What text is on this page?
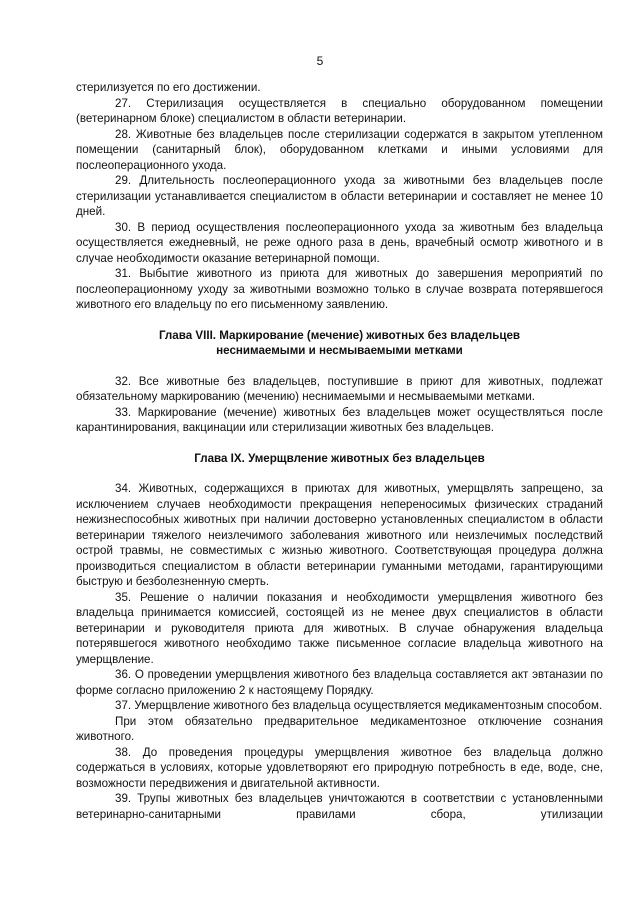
5

стерилизуется по его достижении.

27. Стерилизация осуществляется в специально оборудованном помещении (ветеринарном блоке) специалистом в области ветеринарии.

28. Животные без владельцев после стерилизации содержатся в закрытом утепленном помещении (санитарный блок), оборудованном клетками и иными условиями для послеоперационного ухода.

29. Длительность послеоперационного ухода за животными без владельцев после стерилизации устанавливается специалистом в области ветеринарии и составляет не менее 10 дней.

30. В период осуществления послеоперационного ухода за животным без владельца осуществляется ежедневный, не реже одного раза в день, врачебный осмотр животного и в случае необходимости оказание ветеринарной помощи.

31. Выбытие животного из приюта для животных до завершения мероприятий по послеоперационному уходу за животными возможно только в случае возврата потерявшегося животного его владельцу по его письменному заявлению.

Глава VIII. Маркирование (мечение) животных без владельцев
неснимаемыми и несмываемыми метками

32. Все животные без владельцев, поступившие в приют для животных, подлежат обязательному маркированию (мечению) неснимаемыми и несмываемыми метками.

33. Маркирование (мечение) животных без владельцев может осуществляться после карантинирования, вакцинации или стерилизации животных без владельцев.

Глава IX. Умерщвление животных без владельцев

34. Животных, содержащихся в приютах для животных, умерщвлять запрещено, за исключением случаев необходимости прекращения непереносимых физических страданий нежизнеспособных животных при наличии достоверно установленных специалистом в области ветеринарии тяжелого неизлечимого заболевания животного или неизлечимых последствий острой травмы, не совместимых с жизнью животного. Соответствующая процедура должна производиться специалистом в области ветеринарии гуманными методами, гарантирующими быструю и безболезненную смерть.

35. Решение о наличии показания и необходимости умерщвления животного без владельца принимается комиссией, состоящей из не менее двух специалистов в области ветеринарии и руководителя приюта для животных. В случае обнаружения владельца потерявшегося животного необходимо также письменное согласие владельца животного на умерщвление.

36. О проведении умерщвления животного без владельца составляется акт эвтаназии по форме согласно приложению 2 к настоящему Порядку.

37. Умерщвление животного без владельца осуществляется медикаментозным способом.

При этом обязательно предварительное медикаментозное отключение сознания животного.

38. До проведения процедуры умерщвления животное без владельца должно содержаться в условиях, которые удовлетворяют его природную потребность в еде, воде, сне, возможности передвижения и двигательной активности.

39. Трупы животных без владельцев уничтожаются в соответствии с установленными ветеринарно-санитарными правилами сбора, утилизации
